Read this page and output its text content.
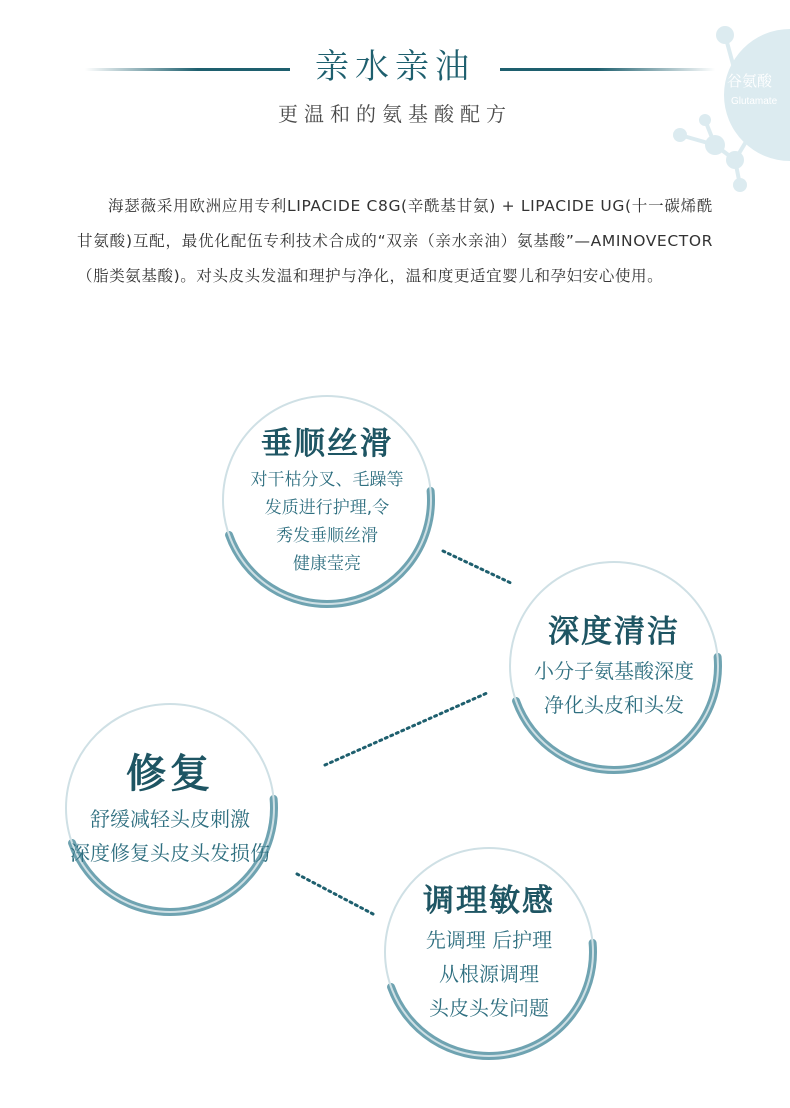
亲水亲油
更温和的氨基酸配方
谷氨酸
Glutamate
海瑟薇采用欧洲应用专利LIPACIDE C8G(辛酰基甘氨) + LIPACIDE UG(十一碳烯酰甘氨酸)互配，最优化配伍专利技术合成的“双亲（亲水亲油）氨基酸”—AMINOVECTOR （脂类氨基酸)。对头皮头发温和理护与净化，温和度更适宜婴儿和孕妇安心使用。
垂顺丝滑
对干枯分叉、毛躁等
发质进行护理,令
秀发垂顺丝滑
健康莹亮
深度清洁
小分子氨基酸深度
净化头皮和头发
修复
舒缓减轻头皮刺激
深度修复头皮头发损伤
调理敏感
先调理 后护理
从根源调理
头皮头发问题
